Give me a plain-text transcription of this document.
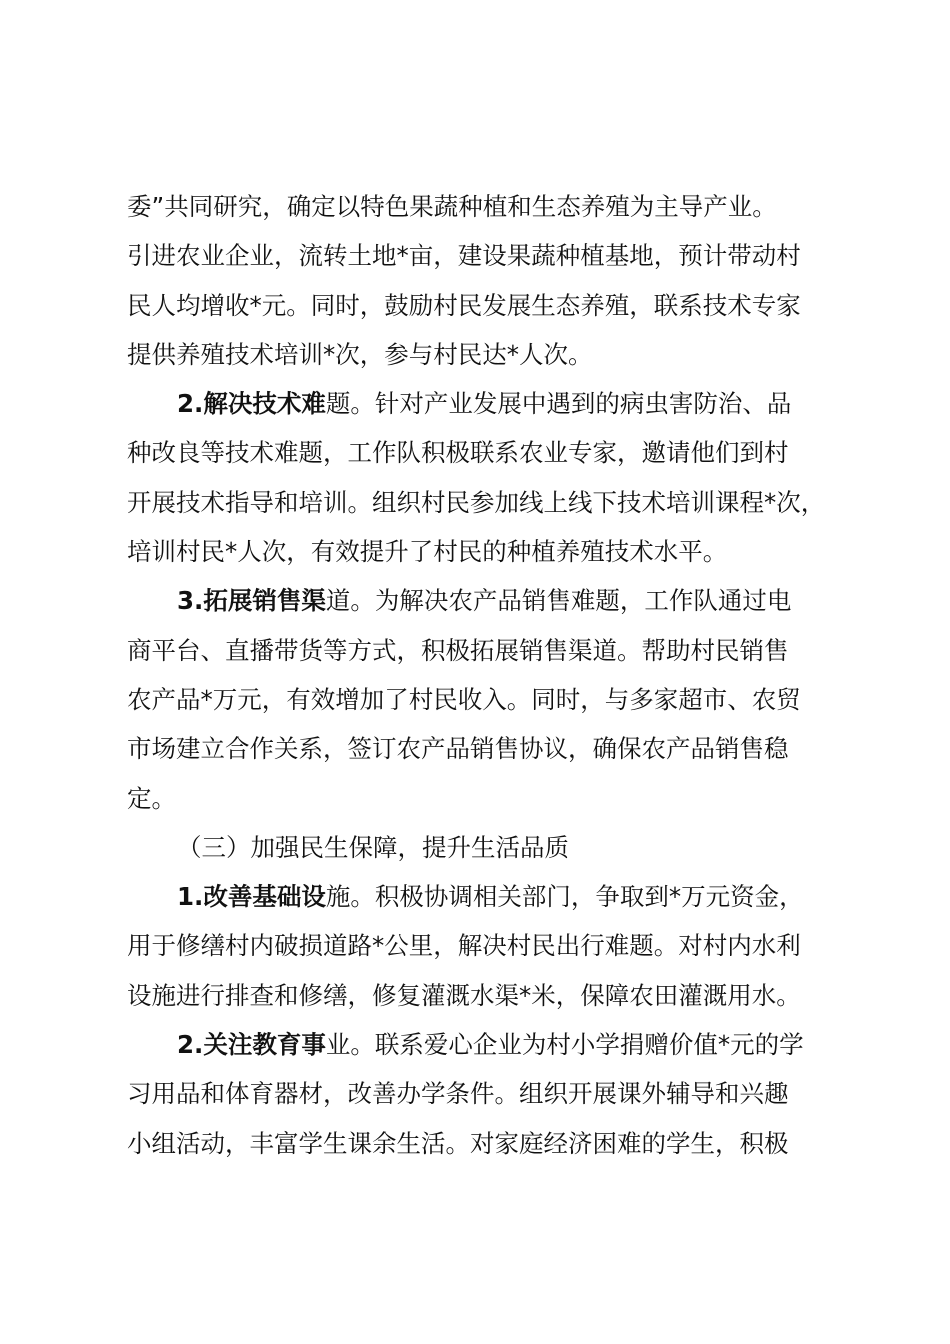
委”共同研究，确定以特色果蔬种植和生态养殖为主导产业。
引进农业企业，流转土地*亩，建设果蔬种植基地，预计带动村
民人均增收*元。同时，鼓励村民发展生态养殖，联系技术专家
提供养殖技术培训*次，参与村民达*人次。
2.解决技术难题。针对产业发展中遇到的病虫害防治、品
种改良等技术难题，工作队积极联系农业专家，邀请他们到村
开展技术指导和培训。组织村民参加线上线下技术培训课程*次，
培训村民*人次，有效提升了村民的种植养殖技术水平。
3.拓展销售渠道。为解决农产品销售难题，工作队通过电
商平台、直播带货等方式，积极拓展销售渠道。帮助村民销售
农产品*万元，有效增加了村民收入。同时，与多家超市、农贸
市场建立合作关系，签订农产品销售协议，确保农产品销售稳
定。
（三）加强民生保障，提升生活品质
1.改善基础设施。积极协调相关部门，争取到*万元资金，
用于修缮村内破损道路*公里，解决村民出行难题。对村内水利
设施进行排查和修缮，修复灌溉水渠*米，保障农田灌溉用水。
2.关注教育事业。联系爱心企业为村小学捐赠价值*元的学
习用品和体育器材，改善办学条件。组织开展课外辅导和兴趣
小组活动，丰富学生课余生活。对家庭经济困难的学生，积极
